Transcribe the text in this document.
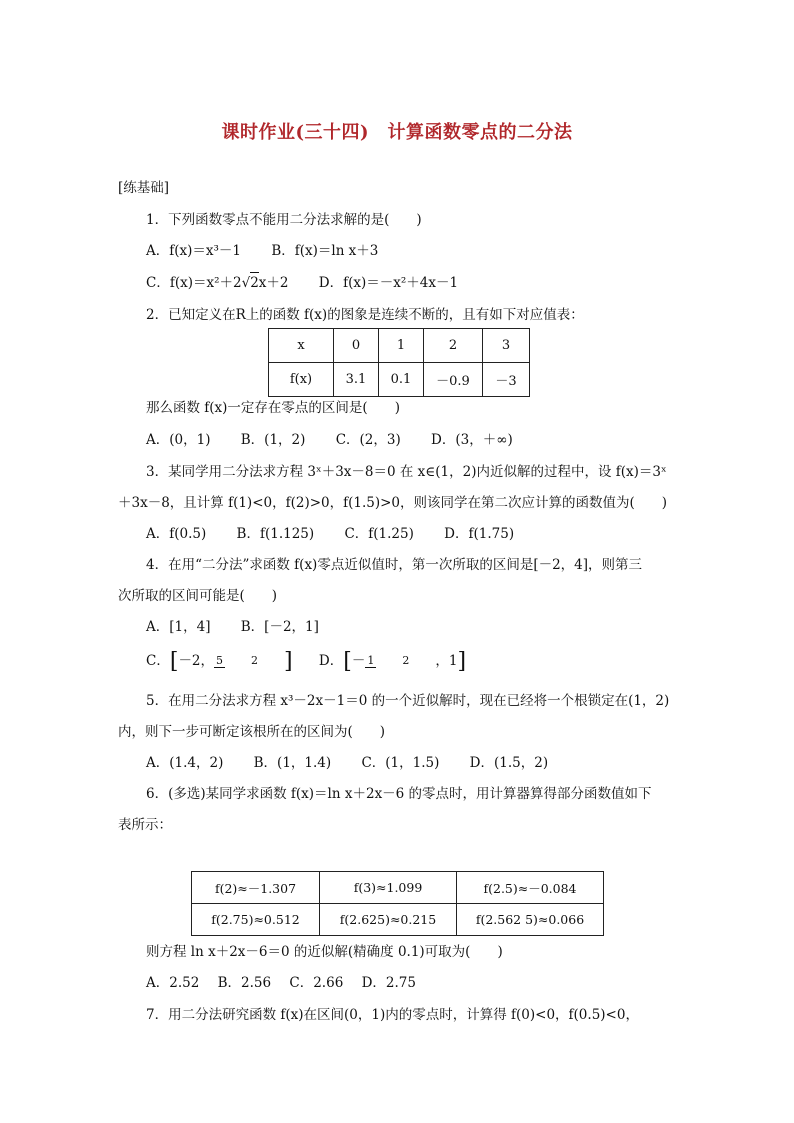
课时作业(三十四)　计算函数零点的二分法
[练基础]
1．下列函数零点不能用二分法求解的是(　　)
A．f(x)＝x³－1 B．f(x)＝ln x＋3
C．f(x)＝x²＋2√2x＋2 D．f(x)＝－x²＋4x－1
2．已知定义在R上的函数 f(x)的图象是连续不断的，且有如下对应值表：
x	0	1	2	3
f(x)	3.1	0.1	－0.9	－3
那么函数 f(x)一定存在零点的区间是(　　)
A．(0，1) B．(1，2) C．(2，3) D．(3，＋∞)
3．某同学用二分法求方程 3ˣ＋3x－8＝0 在 x∈(1，2)内近似解的过程中，设 f(x)＝3ˣ
＋3x－8，且计算 f(1)<0，f(2)>0，f(1.5)>0，则该同学在第二次应计算的函数值为(　　)
A．f(0.5) B．f(1.125) C．f(1.25) D．f(1.75)
4．在用“二分法”求函数 f(x)零点近似值时，第一次所取的区间是[－2，4]，则第三
次所取的区间可能是(　　)
A．[1，4] B．[－2，1]
C．[－2， 5	2 ] D．[－ 1	2 ，1]
5．在用二分法求方程 x³－2x－1＝0 的一个近似解时，现在已经将一个根锁定在(1，2)
内，则下一步可断定该根所在的区间为(　　)
A．(1.4，2) B．(1，1.4) C．(1，1.5) D．(1.5，2)
6．(多选)某同学求函数 f(x)＝ln x＋2x－6 的零点时，用计算器算得部分函数值如下
表所示：
f(2)≈－1.307	f(3)≈1.099	f(2.5)≈－0.084
f(2.75)≈0.512	f(2.625)≈0.215	f(2.562 5)≈0.066
则方程 ln x＋2x－6＝0 的近似解(精确度 0.1)可取为(　　)
A．2.52 B．2.56 C．2.66 D．2.75
7．用二分法研究函数 f(x)在区间(0，1)内的零点时，计算得 f(0)<0，f(0.5)<0，
